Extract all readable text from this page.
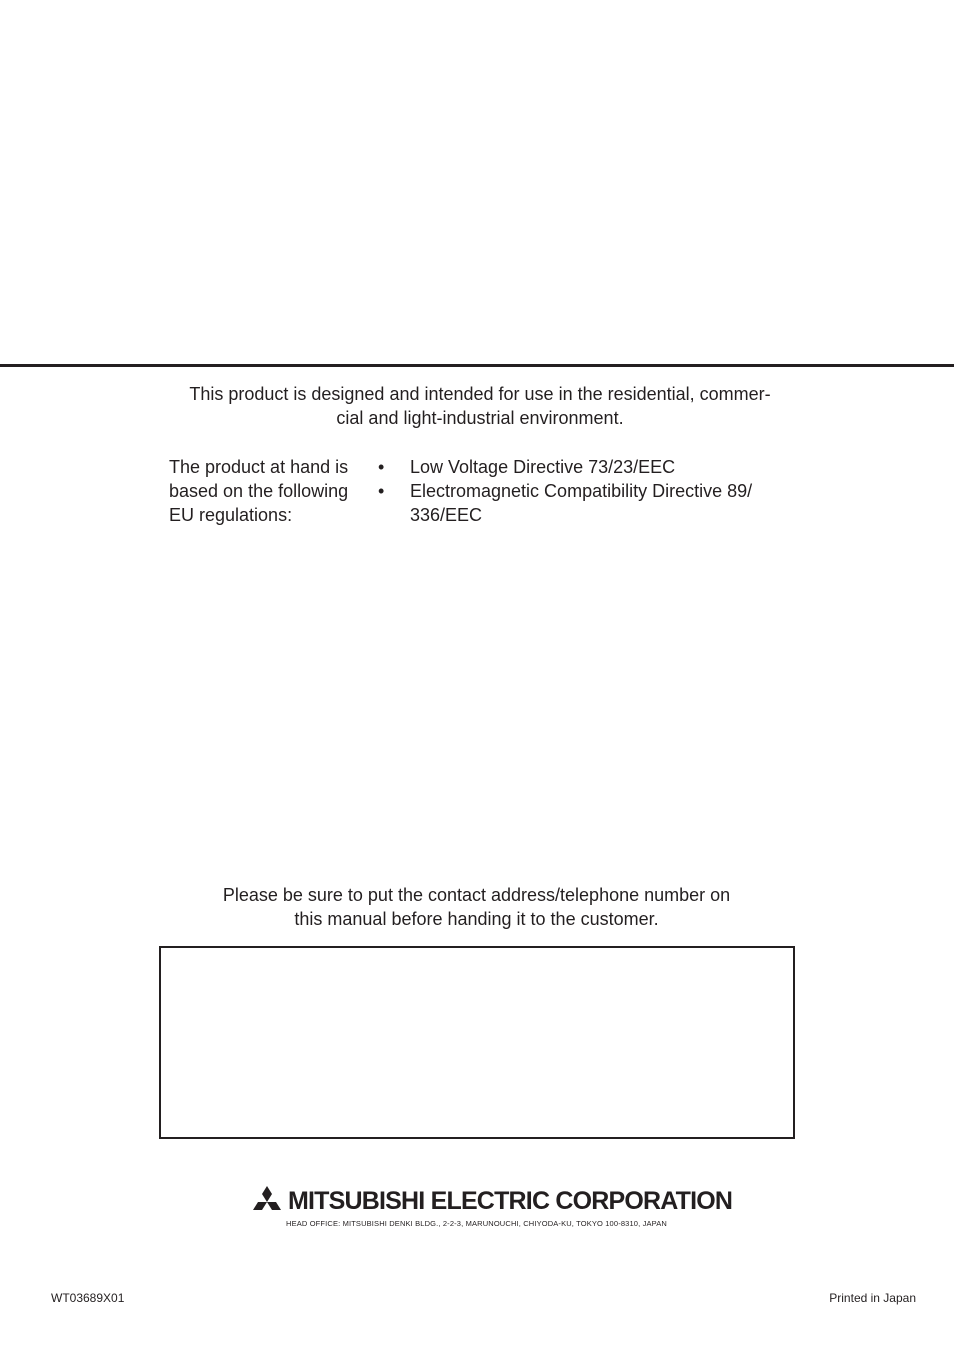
This product is designed and intended for use in the residential, commer-
cial and light-industrial environment.
The product at hand is
based on the following
EU regulations:
• Low Voltage Directive 73/23/EEC
• Electromagnetic Compatibility Directive 89/
336/EEC
Please be sure to put the contact address/telephone number on
this manual before handing it to the customer.
MITSUBISHI ELECTRIC CORPORATION
HEAD OFFICE: MITSUBISHI DENKI BLDG., 2-2-3, MARUNOUCHI, CHIYODA-KU, TOKYO 100-8310, JAPAN
WT03689X01	Printed in Japan
